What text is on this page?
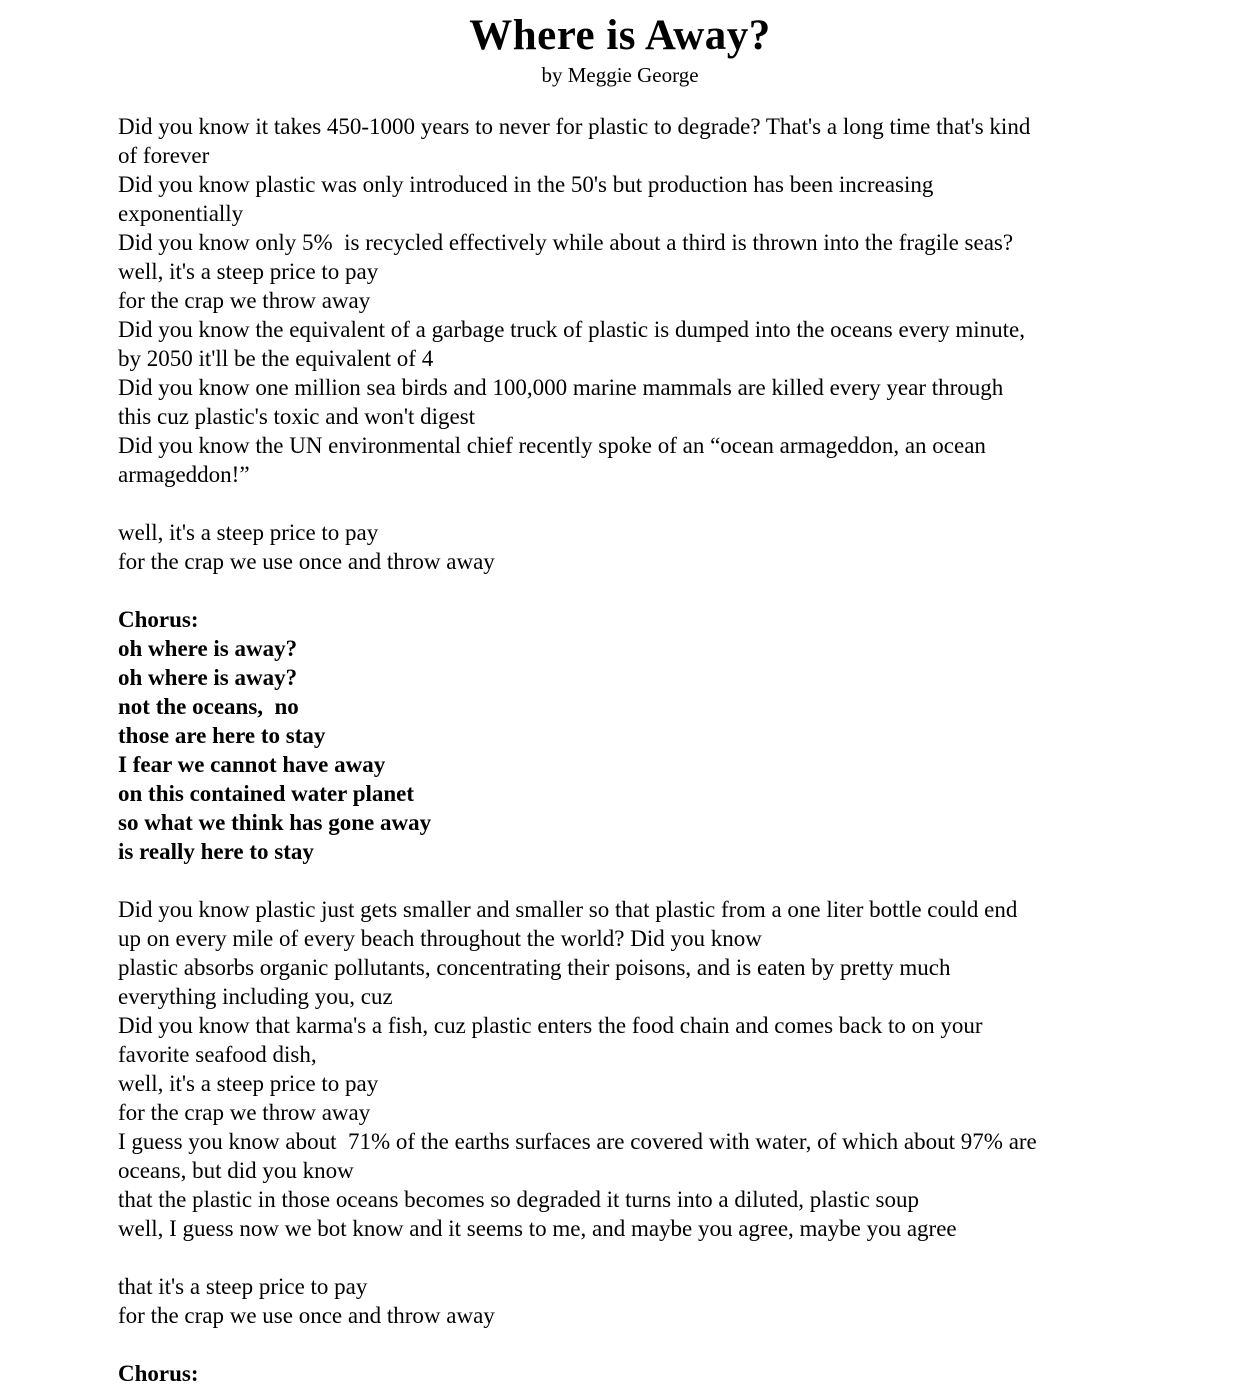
Where is Away?

by Meggie George

Did you know it takes 450-1000 years to never for plastic to degrade? That's a long time that's kind
of forever
Did you know plastic was only introduced in the 50's but production has been increasing
exponentially
Did you know only 5%  is recycled effectively while about a third is thrown into the fragile seas?
well, it's a steep price to pay
for the crap we throw away
Did you know the equivalent of a garbage truck of plastic is dumped into the oceans every minute,
by 2050 it'll be the equivalent of 4
Did you know one million sea birds and 100,000 marine mammals are killed every year through
this cuz plastic's toxic and won't digest
Did you know the UN environmental chief recently spoke of an “ocean armageddon, an ocean
armageddon!”
well, it's a steep price to pay
for the crap we use once and throw away
Chorus:
oh where is away?
oh where is away?
not the oceans,  no
those are here to stay
I fear we cannot have away
on this contained water planet
so what we think has gone away
is really here to stay
Did you know plastic just gets smaller and smaller so that plastic from a one liter bottle could end
up on every mile of every beach throughout the world? Did you know
plastic absorbs organic pollutants, concentrating their poisons, and is eaten by pretty much
everything including you, cuz
Did you know that karma's a fish, cuz plastic enters the food chain and comes back to on your
favorite seafood dish,
well, it's a steep price to pay
for the crap we throw away
I guess you know about  71% of the earths surfaces are covered with water, of which about 97% are
oceans, but did you know
that the plastic in those oceans becomes so degraded it turns into a diluted, plastic soup
well, I guess now we bot know and it seems to me, and maybe you agree, maybe you agree
that it's a steep price to pay
for the crap we use once and throw away
Chorus:
